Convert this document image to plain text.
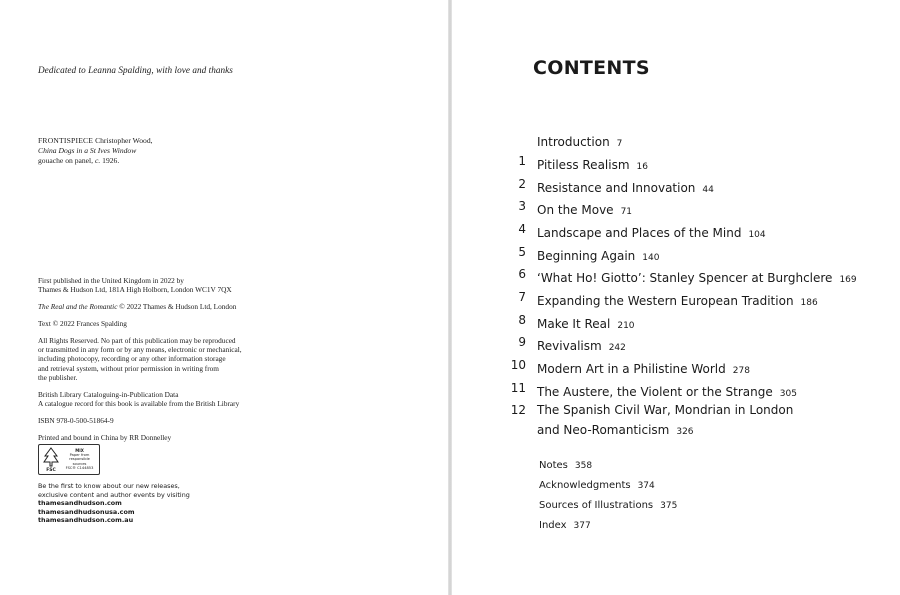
Dedicated to Leanna Spalding, with love and thanks
FRONTISPIECE Christopher Wood,
China Dogs in a St Ives Window
gouache on panel, c. 1926.

First published in the United Kingdom in 2022 by
Thames & Hudson Ltd, 181A High Holborn, London WC1V 7QX

The Real and the Romantic © 2022 Thames & Hudson Ltd, London

Text © 2022 Frances Spalding

All Rights Reserved. No part of this publication may be reproduced
or transmitted in any form or by any means, electronic or mechanical,
including photocopy, recording or any other information storage
and retrieval system, without prior permission in writing from
the publisher.

British Library Cataloguing-in-Publication Data
A catalogue record for this book is available from the British Library

ISBN 978-0-500-51864-9

Printed and bound in China by RR Donnelley

FSC
MIX
Paper from
responsible sources
FSC® C144853
Be the first to know about our new releases,
exclusive content and author events by visiting
thamesandhudson.com
thamesandhudsonusa.com
thamesandhudson.com.au
CONTENTS
Introduction 7
1 Pitiless Realism 16
2 Resistance and Innovation 44
3 On the Move 71
4 Landscape and Places of the Mind 104
5 Beginning Again 140
6 ‘What Ho! Giotto’: Stanley Spencer at Burghclere 169
7 Expanding the Western European Tradition 186
8 Make It Real 210
9 Revivalism 242
10 Modern Art in a Philistine World 278
11 The Austere, the Violent or the Strange 305
12 The Spanish Civil War, Mondrian in London
and Neo-Romanticism 326
Notes 358
Acknowledgments 374
Sources of Illustrations 375
Index 377
